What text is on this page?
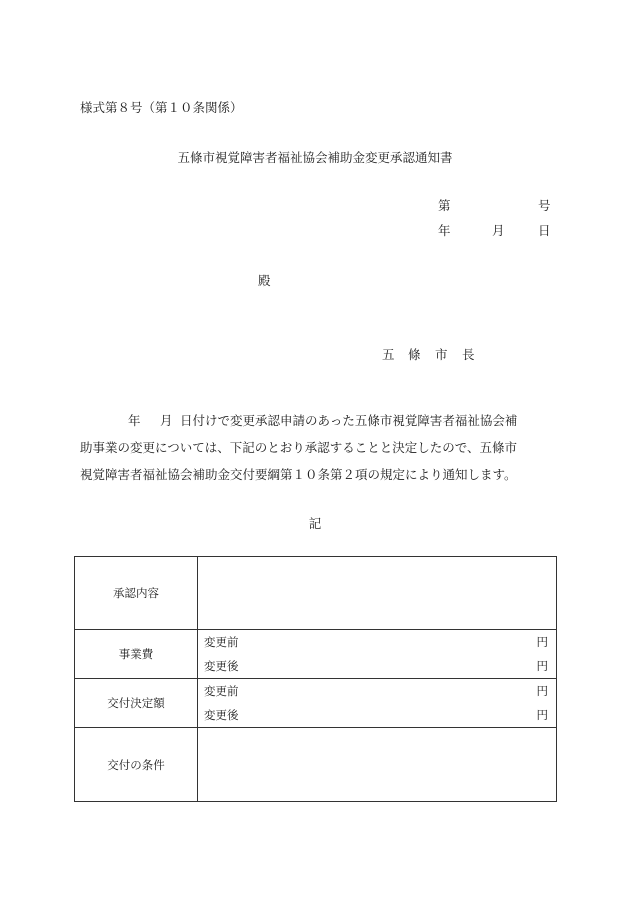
様式第８号（第１０条関係）
五條市視覚障害者福祉協会補助金変更承認通知書
第	号
年	月	日
殿
五 條 市 長
年 月 日付けで変更承認申請のあった五條市視覚障害者福祉協会補
助事業の変更については、下記のとおり承認することと決定したので、五條市
視覚障害者福祉協会補助金交付要綱第１０条第２項の規定により通知します。
記
承認内容	
事業費	変更前 円
変更後 円

交付決定額	変更前 円
変更後 円

交付の条件	
